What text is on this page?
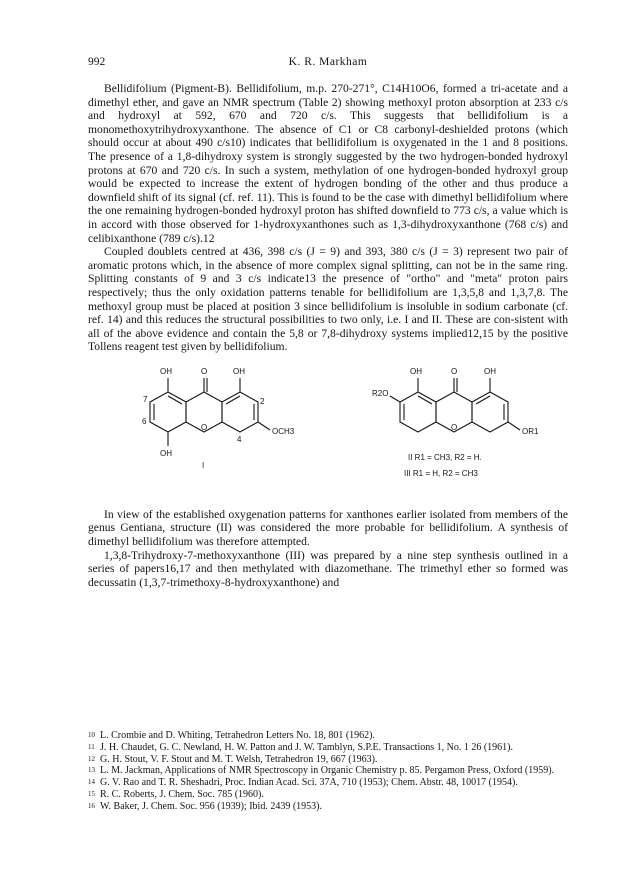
992	K. R. Markham

Bellidifolium (Pigment-B). Bellidifolium, m.p. 270-271°, C14H10O6, formed a tri-acetate and a dimethyl ether, and gave an NMR spectrum (Table 2) showing methoxyl proton absorption at 233 c/s and hydroxyl at 592, 670 and 720 c/s. This suggests that bellidifolium is a monomethoxytrihydroxyxanthone. The absence of C1 or C8 carbonyl-deshielded protons (which should occur at about 490 c/s10) indicates that bellidifolium is oxygenated in the 1 and 8 positions. The presence of a 1,8-dihydroxy system is strongly suggested by the two hydrogen-bonded hydroxyl protons at 670 and 720 c/s. In such a system, methylation of one hydrogen-bonded hydroxyl group would be expected to increase the extent of hydrogen bonding of the other and thus produce a downfield shift of its signal (cf. ref. 11). This is found to be the case with dimethyl bellidifolium where the one remaining hydrogen-bonded hydroxyl proton has shifted downfield to 773 c/s, a value which is in accord with those observed for 1-hydroxyxanthones such as 1,3-dihydroxyxanthone (768 c/s) and celibixanthone (789 c/s).12

Coupled doublets centred at 436, 398 c/s (J = 9) and 393, 380 c/s (J = 3) represent two pair of aromatic protons which, in the absence of more complex signal splitting, can not be in the same ring. Splitting constants of 9 and 3 c/s indicate13 the presence of "ortho" and "meta" proton pairs respectively; thus the only oxidation patterns tenable for bellidifolium are 1,3,5,8 and 1,3,7,8. The methoxyl group must be placed at position 3 since bellidifolium is insoluble in sodium carbonate (cf. ref. 14) and this reduces the structural possibilities to two only, i.e. I and II. These are con-sistent with all of the above evidence and contain the 5,8 or 7,8-dihydroxy systems implied12,15 by the positive Tollens reagent test given by bellidifolium.

OH	O	OH
7
6
2
4
O	OCH3
OH
I
OH	O	OH
R2O
O	OR1
II R1 = CH3, R2 = H.
III R1 = H, R2 = CH3

In view of the established oxygenation patterns for xanthones earlier isolated from members of the genus Gentiana, structure (II) was considered the more probable for bellidifolium. A synthesis of dimethyl bellidifolium was therefore attempted.

1,3,8-Trihydroxy-7-methoxyxanthone (III) was prepared by a nine step synthesis outlined in a series of papers16,17 and then methylated with diazomethane. The trimethyl ether so formed was decussatin (1,3,7-trimethoxy-8-hydroxyxanthone) and

10 L. Crombie and D. Whiting, Tetrahedron Letters No. 18, 801 (1962).
11 J. H. Chaudet, G. C. Newland, H. W. Patton and J. W. Tamblyn, S.P.E. Transactions 1, No. 1 26 (1961).
12 G. H. Stout, V. F. Stout and M. T. Welsh, Tetrahedron 19, 667 (1963).
13 L. M. Jackman, Applications of NMR Spectroscopy in Organic Chemistry p. 85. Pergamon Press, Oxford (1959).
14 G. V. Rao and T. R. Sheshadri, Proc. Indian Acad. Sci. 37A, 710 (1953); Chem. Abstr. 48, 10017 (1954).
15 R. C. Roberts, J. Chem. Soc. 785 (1960).
16 W. Baker, J. Chem. Soc. 956 (1939); Ibid. 2439 (1953).
